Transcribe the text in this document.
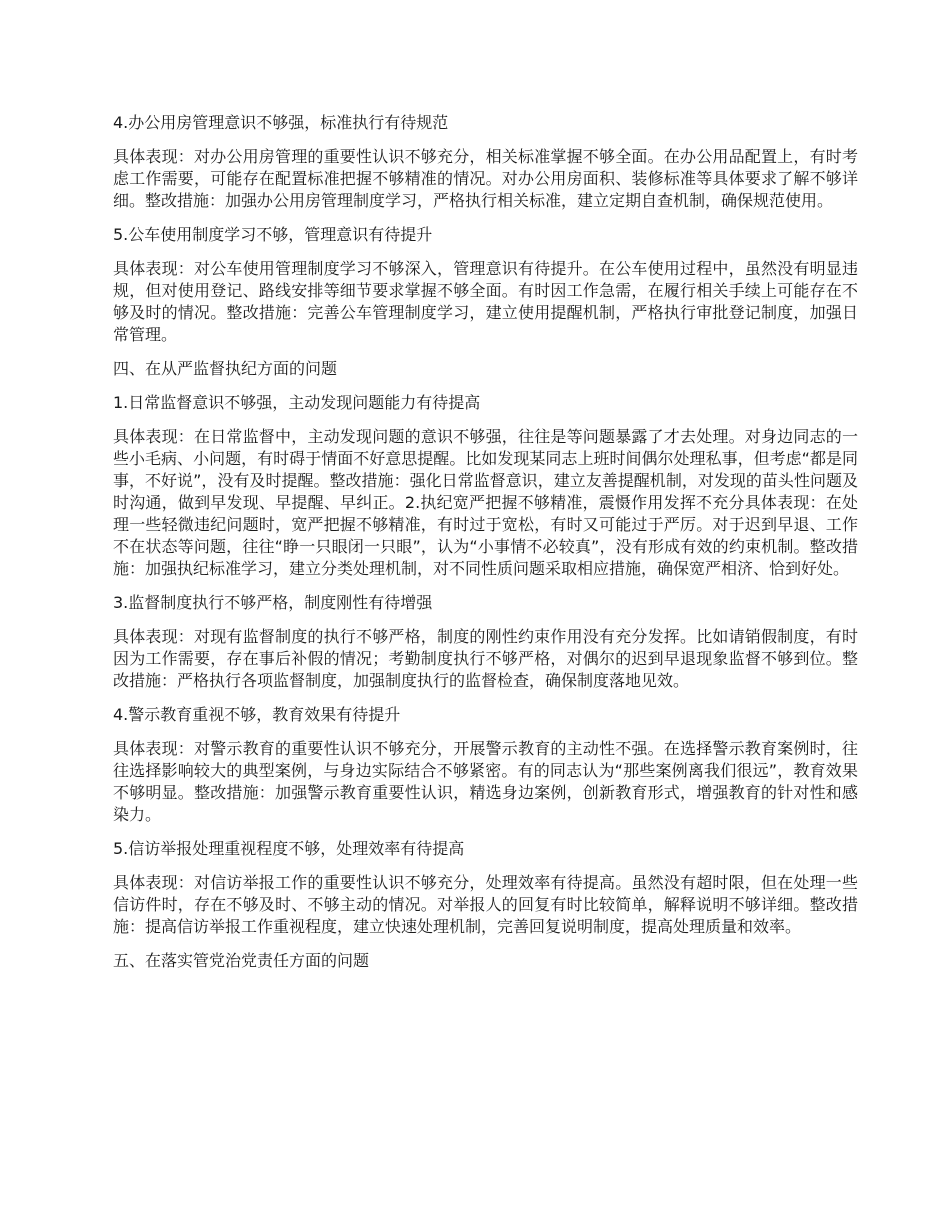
4.办公用房管理意识不够强，标准执行有待规范

具体表现：对办公用房管理的重要性认识不够充分，相关标准掌握不够全面。在办公用品配置上，有时考虑工作需要，可能存在配置标准把握不够精准的情况。对办公用房面积、装修标准等具体要求了解不够详细。整改措施：加强办公用房管理制度学习，严格执行相关标准，建立定期自查机制，确保规范使用。

5.公车使用制度学习不够，管理意识有待提升

具体表现：对公车使用管理制度学习不够深入，管理意识有待提升。在公车使用过程中，虽然没有明显违规，但对使用登记、路线安排等细节要求掌握不够全面。有时因工作急需，在履行相关手续上可能存在不够及时的情况。整改措施：完善公车管理制度学习，建立使用提醒机制，严格执行审批登记制度，加强日常管理。

四、在从严监督执纪方面的问题

1.日常监督意识不够强，主动发现问题能力有待提高

具体表现：在日常监督中，主动发现问题的意识不够强，往往是等问题暴露了才去处理。对身边同志的一些小毛病、小问题，有时碍于情面不好意思提醒。比如发现某同志上班时间偶尔处理私事，但考虑“都是同事，不好说”，没有及时提醒。整改措施：强化日常监督意识，建立友善提醒机制，对发现的苗头性问题及时沟通，做到早发现、早提醒、早纠正。2.执纪宽严把握不够精准，震慑作用发挥不充分具体表现：在处理一些轻微违纪问题时，宽严把握不够精准，有时过于宽松，有时又可能过于严厉。对于迟到早退、工作不在状态等问题，往往“睁一只眼闭一只眼”，认为“小事情不必较真”，没有形成有效的约束机制。整改措施：加强执纪标准学习，建立分类处理机制，对不同性质问题采取相应措施，确保宽严相济、恰到好处。

3.监督制度执行不够严格，制度刚性有待增强

具体表现：对现有监督制度的执行不够严格，制度的刚性约束作用没有充分发挥。比如请销假制度，有时因为工作需要，存在事后补假的情况；考勤制度执行不够严格，对偶尔的迟到早退现象监督不够到位。整改措施：严格执行各项监督制度，加强制度执行的监督检查，确保制度落地见效。

4.警示教育重视不够，教育效果有待提升

具体表现：对警示教育的重要性认识不够充分，开展警示教育的主动性不强。在选择警示教育案例时，往往选择影响较大的典型案例，与身边实际结合不够紧密。有的同志认为“那些案例离我们很远”，教育效果不够明显。整改措施：加强警示教育重要性认识，精选身边案例，创新教育形式，增强教育的针对性和感染力。

5.信访举报处理重视程度不够，处理效率有待提高

具体表现：对信访举报工作的重要性认识不够充分，处理效率有待提高。虽然没有超时限，但在处理一些信访件时，存在不够及时、不够主动的情况。对举报人的回复有时比较简单，解释说明不够详细。整改措施：提高信访举报工作重视程度，建立快速处理机制，完善回复说明制度，提高处理质量和效率。

五、在落实管党治党责任方面的问题
